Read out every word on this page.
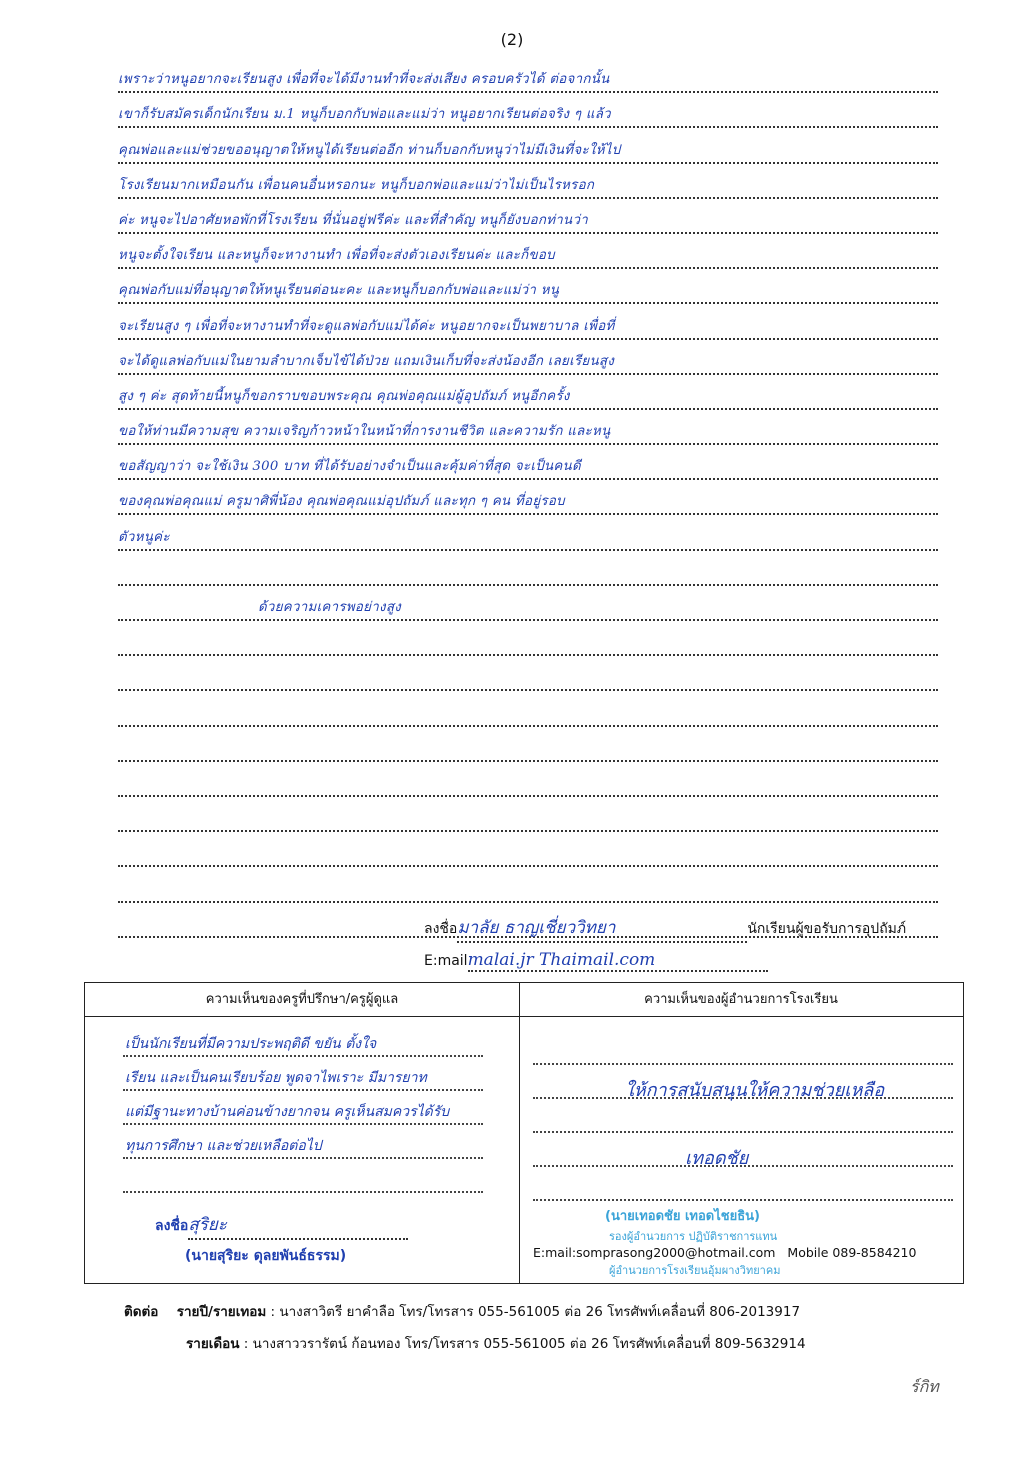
(2)
เพราะว่าหนูอยากจะเรียนสูง เพื่อที่จะได้มีงานทำที่จะส่งเสียง ครอบครัวได้ ต่อจากนั้น
เขาก็รับสมัครเด็กนักเรียน ม.1 หนูก็บอกกับพ่อและแม่ว่า หนูอยากเรียนต่อจริง ๆ แล้ว
คุณพ่อและแม่ช่วยขออนุญาตให้หนูได้เรียนต่ออีก ท่านก็บอกกับหนูว่าไม่มีเงินที่จะให้ไป
โรงเรียนมากเหมือนกัน เพื่อนคนอื่นหรอกนะ หนูก็บอกพ่อและแม่ว่าไม่เป็นไรหรอก
ค่ะ หนูจะไปอาศัยหอพักที่โรงเรียน ที่นั่นอยู่ฟรีค่ะ และที่สำคัญ หนูก็ยังบอกท่านว่า
หนูจะตั้งใจเรียน และหนูก็จะหางานทำ เพื่อที่จะส่งตัวเองเรียนค่ะ และก็ขอบ
คุณพ่อกับแม่ที่อนุญาตให้หนูเรียนต่อนะคะ และหนูก็บอกกับพ่อและแม่ว่า หนู
จะเรียนสูง ๆ เพื่อที่จะหางานทำที่จะดูแลพ่อกับแม่ได้ค่ะ หนูอยากจะเป็นพยาบาล เพื่อที่
จะได้ดูแลพ่อกับแม่ในยามลำบากเจ็บไข้ได้ป่วย แถมเงินเก็บที่จะส่งน้องอีก เลยเรียนสูง
สูง ๆ ค่ะ สุดท้ายนี้หนูก็ขอกราบขอบพระคุณ คุณพ่อคุณแม่ผู้อุปถัมภ์ หนูอีกครั้ง
ขอให้ท่านมีความสุข ความเจริญก้าวหน้าในหน้าที่การงานชีวิต และความรัก และหนู
ขอสัญญาว่า จะใช้เงิน 300 บาท ที่ได้รับอย่างจำเป็นและคุ้มค่าที่สุด จะเป็นคนดี
ของคุณพ่อคุณแม่ ครูมาศิพี่น้อง คุณพ่อคุณแม่อุปถัมภ์ และทุก ๆ คน ที่อยู่รอบ
ตัวหนูค่ะ
ด้วยความเคารพอย่างสูง
ลงชื่อมาลัย ธาญเชี่ยววิทยา	นักเรียนผู้ขอรับการอุปถัมภ์
E:mailmalai.jr Thaimail.com
ความเห็นของครูที่ปรึกษา/ครูผู้ดูแล	ความเห็นของผู้อำนวยการโรงเรียน
เป็นนักเรียนที่มีความประพฤติดี ขยัน ตั้งใจ
เรียน และเป็นคนเรียบร้อย พูดจาไพเราะ มีมารยาท
แต่มีฐานะทางบ้านค่อนข้างยากจน ครูเห็นสมควรได้รับ
ทุนการศึกษา และช่วยเหลือต่อไป
ลงชื่อสุริยะ
(นายสุริยะ ดุลยพันธ์ธรรม)
ให้การสนับสนุนให้ความช่วยเหลือ
เทอดชัย
(นายเทอดชัย เทอดไชยธิน)
รองผู้อำนวยการ ปฏิบัติราชการแทน
ผู้อำนวยการโรงเรียนอุ้มผางวิทยาคม
E:mail:somprasong2000@hotmail.com Mobile 089-8584210
ติดต่อ รายปี/รายเทอม : นางสาวิตรี ยาคำลือ โทร/โทรสาร 055-561005 ต่อ 26 โทรศัพท์เคลื่อนที่ 806-2013917
รายเดือน : นางสาววรารัตน์ ก้อนทอง โทร/โทรสาร 055-561005 ต่อ 26 โทรศัพท์เคลื่อนที่ 809-5632914
ร์กิท
